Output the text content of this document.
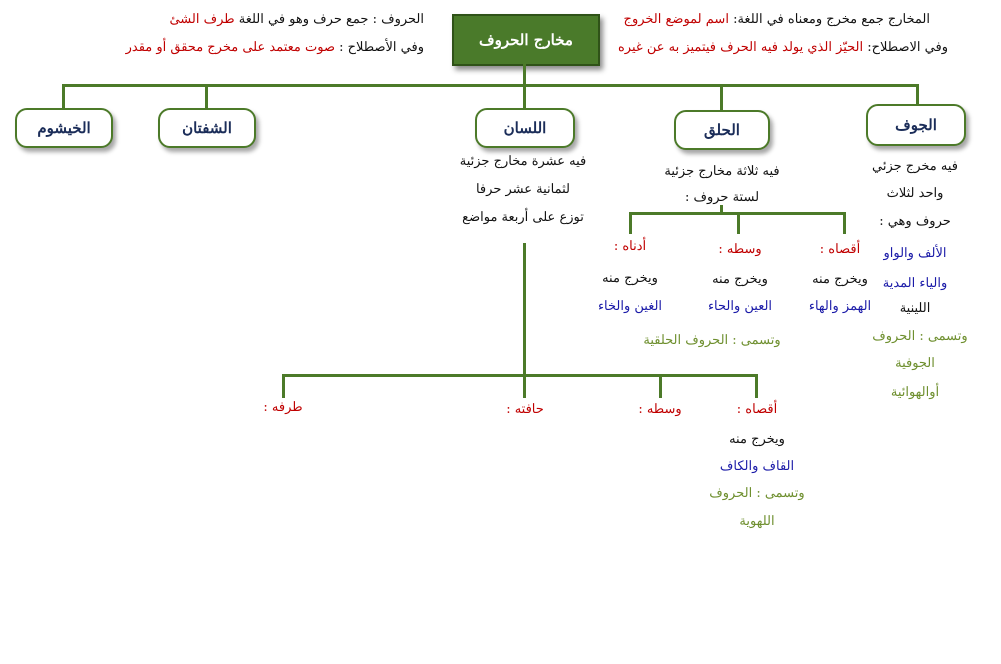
الحروف : جمع حرف وهو في اللغة طرف الشئ
وفي الأصطلاح : صوت معتمد على مخرج محقق أو مقدر
المخارج جمع مخرج ومعناه في اللغة: اسم لموضع الخروج
وفي الاصطلاح: الحيّز الذي يولد فيه الحرف فيتميز به عن غيره
مخارج الحروف
الجوف
الحلق
اللسان
الشفتان
الخيشوم
فيه مخرج جزئي
واحد لثلاث
حروف وهي :
الألف والواو
والياء المدية
اللينية
وتسمى : الحروف
الجوفية
أوالهوائية
فيه ثلاثة مخارج جزئية
لستة حروف :
أقصاه :
ويخرج منه
الهمز والهاء
وسطه :
ويخرج منه
العين والحاء
أدناه :
ويخرج منه
الغين والخاء
وتسمى : الحروف الحلقية
فيه عشرة مخارج جزئية
لثمانية عشر حرفا
توزع على أربعة مواضع
أقصاه :
ويخرج منه
القاف والكاف
وتسمى : الحروف
اللهوية
وسطه :
حافته :
طرفه :
